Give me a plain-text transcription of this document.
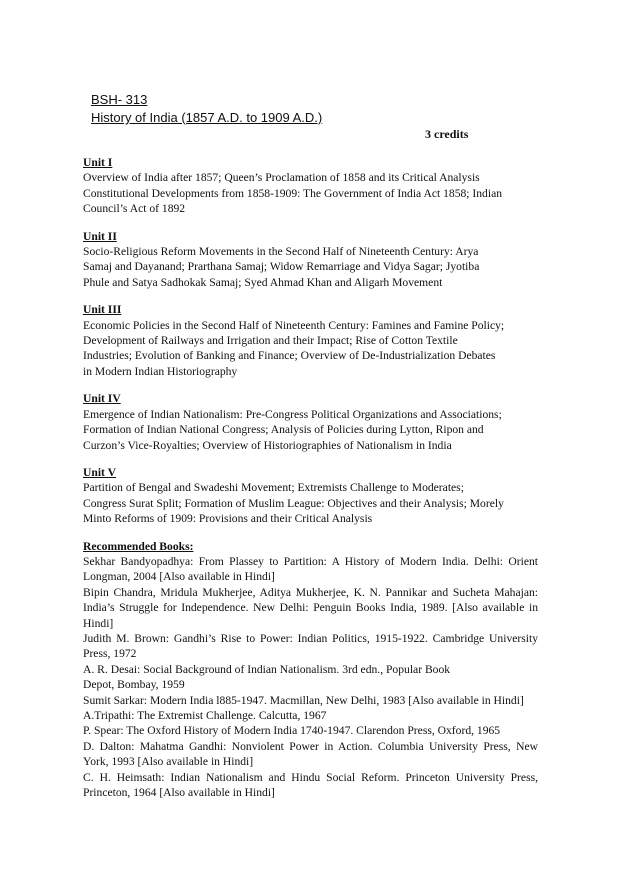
BSH- 313
History of India (1857 A.D. to 1909 A.D.)
3 credits
Unit I
Overview of India after 1857; Queen’s Proclamation of 1858 and its Critical Analysis
Constitutional Developments from 1858-1909: The Government of India Act 1858; Indian
Council’s Act of 1892
Unit II
Socio-Religious Reform Movements in the Second Half of Nineteenth Century: Arya
Samaj and Dayanand; Prarthana Samaj; Widow Remarriage and Vidya Sagar; Jyotiba
Phule and Satya Sadhokak Samaj; Syed Ahmad Khan and Aligarh Movement
Unit III
Economic Policies in the Second Half of Nineteenth Century: Famines and Famine Policy;
Development of Railways and Irrigation and their Impact; Rise of Cotton Textile
Industries; Evolution of Banking and Finance; Overview of De-Industrialization Debates
in Modern Indian Historiography
Unit IV
Emergence of Indian Nationalism: Pre-Congress Political Organizations and Associations;
Formation of Indian National Congress; Analysis of Policies during Lytton, Ripon and
Curzon’s Vice-Royalties; Overview of Historiographies of Nationalism in India
Unit V
Partition of Bengal and Swadeshi Movement; Extremists Challenge to Moderates;
Congress Surat Split; Formation of Muslim League: Objectives and their Analysis; Morely
Minto Reforms of 1909: Provisions and their Critical Analysis
Recommended Books:
Sekhar Bandyopadhya: From Plassey to Partition: A History of Modern India. Delhi: Orient Longman, 2004 [Also available in Hindi]
Bipin Chandra, Mridula Mukherjee, Aditya Mukherjee, K. N. Pannikar and Sucheta Mahajan: India’s Struggle for Independence. New Delhi: Penguin Books India, 1989. [Also available in Hindi]
Judith M. Brown: Gandhi’s Rise to Power: Indian Politics, 1915-1922. Cambridge University Press, 1972
A. R. Desai: Social Background of Indian Nationalism. 3rd edn., Popular Book
Depot, Bombay, 1959
Sumit Sarkar: Modern India l885-1947. Macmillan, New Delhi, 1983 [Also available in Hindi]
A.Tripathi: The Extremist Challenge. Calcutta, 1967
P. Spear: The Oxford History of Modern India 1740-1947. Clarendon Press, Oxford, 1965
D. Dalton: Mahatma Gandhi: Nonviolent Power in Action. Columbia University Press, New York, 1993 [Also available in Hindi]
C. H. Heimsath: Indian Nationalism and Hindu Social Reform. Princeton University Press, Princeton, 1964 [Also available in Hindi]
